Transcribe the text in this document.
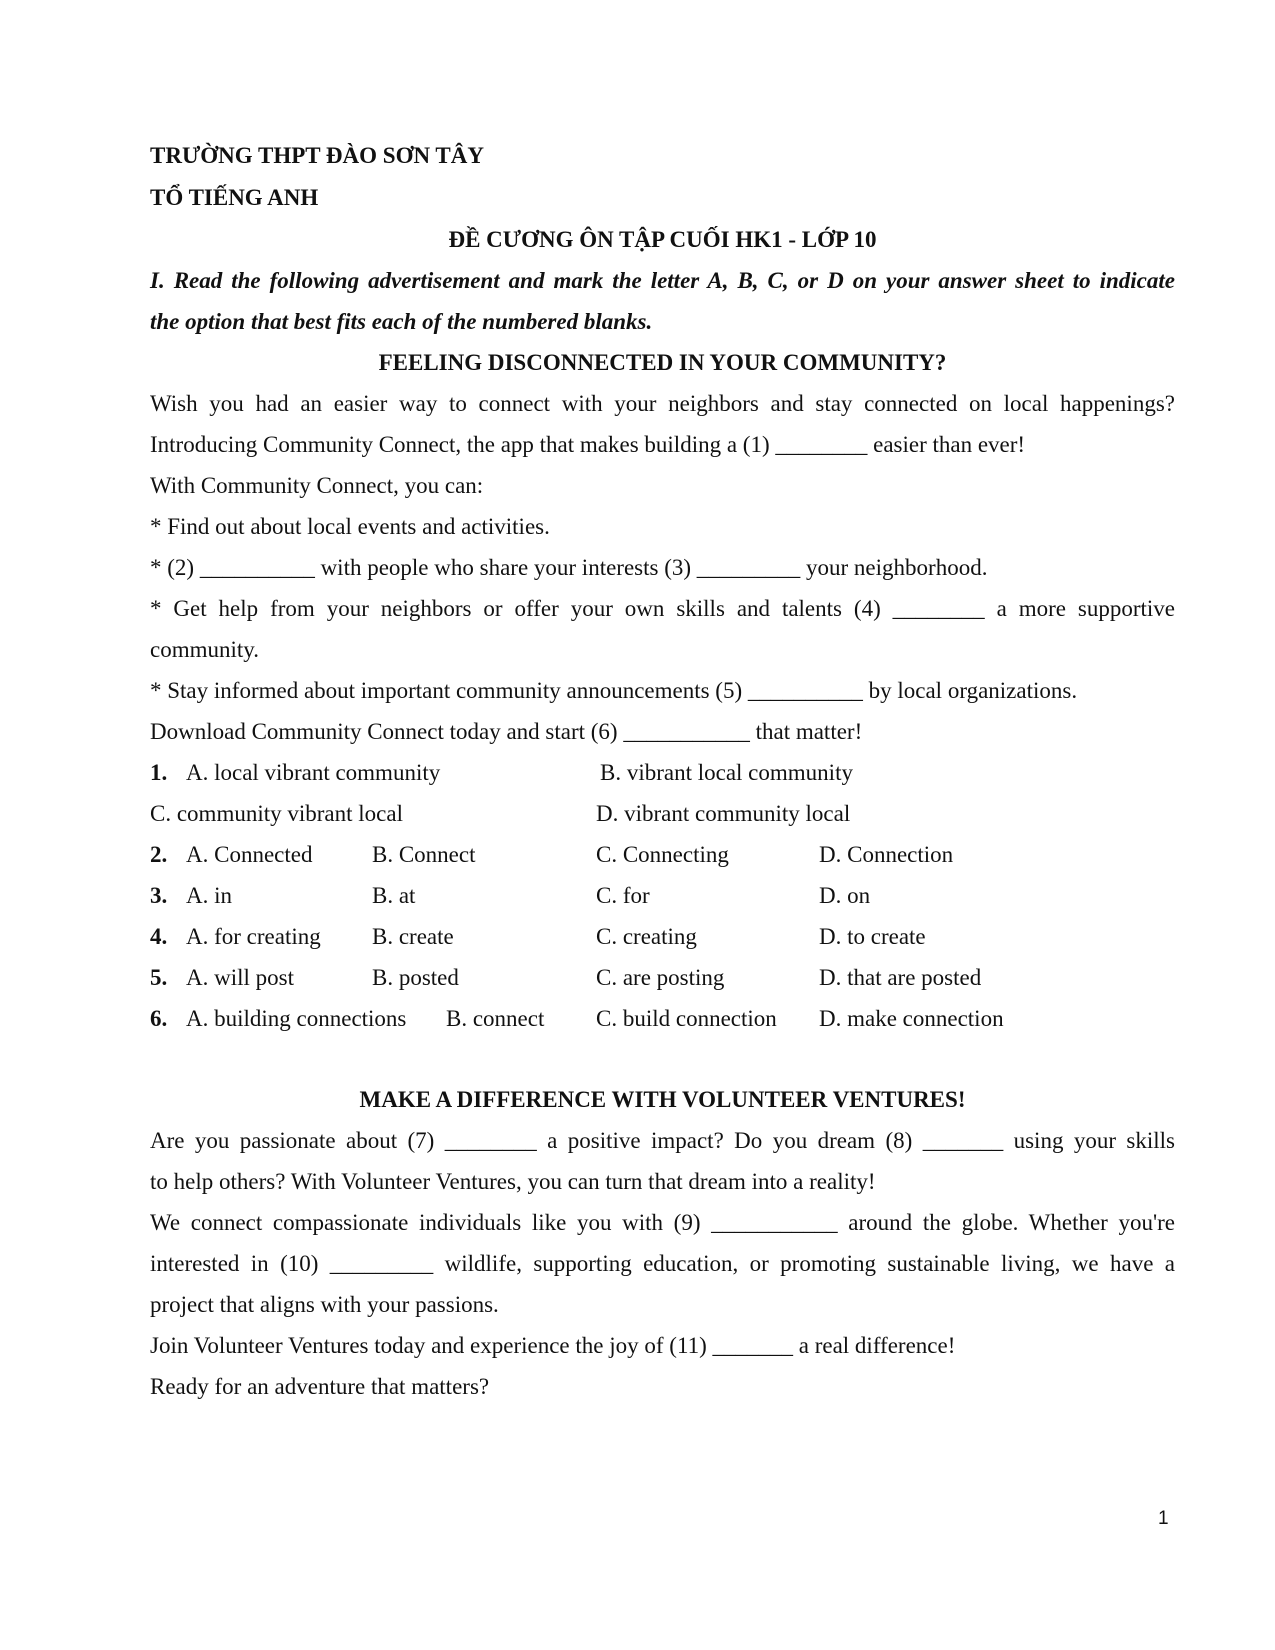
TRƯỜNG THPT ĐÀO SƠN TÂY
TỔ TIẾNG ANH
ĐỀ CƯƠNG ÔN TẬP CUỐI HK1 - LỚP 10
I. Read the following advertisement and mark the letter A, B, C, or D on your answer sheet to indicate
the option that best fits each of the numbered blanks.
FEELING DISCONNECTED IN YOUR COMMUNITY?
Wish you had an easier way to connect with your neighbors and stay connected on local happenings?
Introducing Community Connect, the app that makes building a (1) ________ easier than ever!
With Community Connect, you can:
* Find out about local events and activities.
* (2) __________ with people who share your interests (3) _________ your neighborhood.
* Get help from your neighbors or offer your own skills and talents (4) ________ a more supportive
community.
* Stay informed about important community announcements (5) __________ by local organizations.
Download Community Connect today and start (6) ___________ that matter!
1. A. local vibrant community	B. vibrant local community
C. community vibrant local	D. vibrant community local
2. A. Connected	B. Connect	C. Connecting	D. Connection
3. A. in	B. at	C. for	D. on
4. A. for creating B. create	C. creating	D. to create
5. A. will post	B. posted	C. are posting	D. that are posted
6. A. building connections B. connect C. build connection D. make connection
MAKE A DIFFERENCE WITH VOLUNTEER VENTURES!
Are you passionate about (7) ________ a positive impact? Do you dream (8) _______ using your skills
to help others? With Volunteer Ventures, you can turn that dream into a reality!
We connect compassionate individuals like you with (9) ___________ around the globe. Whether you're
interested in (10) _________ wildlife, supporting education, or promoting sustainable living, we have a
project that aligns with your passions.
Join Volunteer Ventures today and experience the joy of (11) _______ a real difference!
Ready for an adventure that matters?
1
